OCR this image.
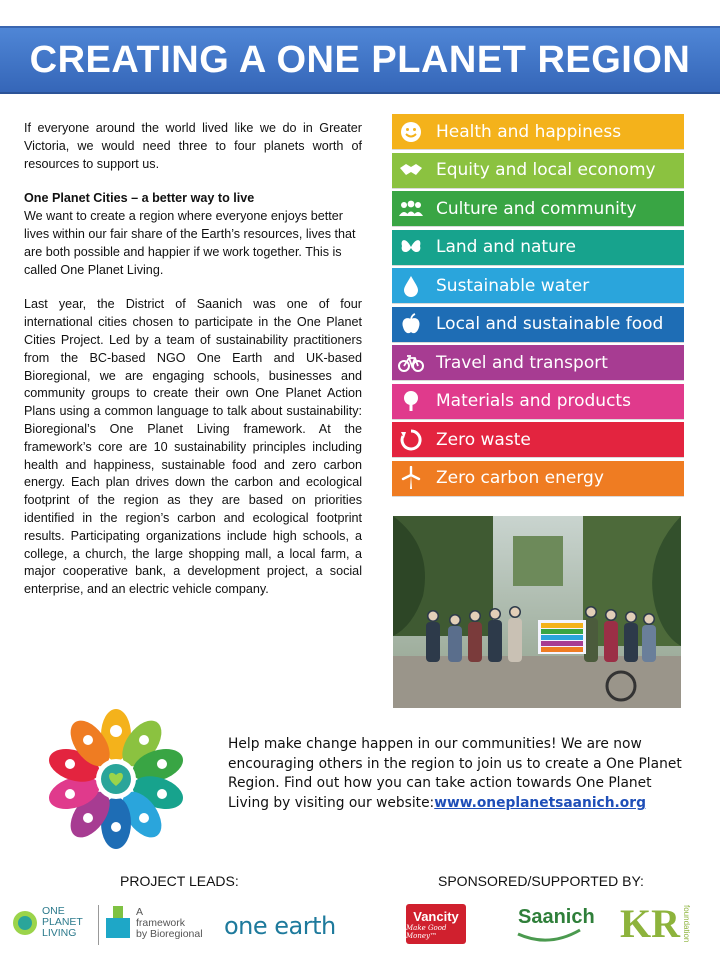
CREATING A ONE PLANET REGION

If everyone around the world lived like we do in Greater Victoria, we would need three to four planets worth of resources to support us.

One Planet Cities – a better way to live
We want to create a region where everyone enjoys better lives within our fair share of the Earth’s resources, lives that are both possible and happier if we work together. This is called One Planet Living.

Last year, the District of Saanich was one of four international cities chosen to participate in the One Planet Cities Project. Led by a team of sustainability practitioners from the BC-based NGO One Earth and UK-based Bioregional, we are engaging schools, businesses and community groups to create their own One Planet Action Plans using a common language to talk about sustainability: Bioregional’s One Planet Living framework. At the framework’s core are 10 sustainability principles including health and happiness, sustainable food and zero carbon energy. Each plan drives down the carbon and ecological footprint of the region as they are based on priorities identified in the region’s carbon and ecological footprint results. Participating organizations include high schools, a college, a church, the large shopping mall, a local farm, a major cooperative bank, a development project, a social enterprise, and an electric vehicle company.

Health and happiness
Equity and local economy
Culture and community
Land and nature
Sustainable water
Local and sustainable food
Travel and transport
Materials and products
Zero waste
Zero carbon energy
Help make change happen in our communities! We are now encouraging others in the region to join us to create a One Planet Region. Find out how you can take action towards One Planet Living by visiting our website:www.oneplanetsaanich.org
PROJECT LEADS:	SPONSORED/SUPPORTED BY:
ONE
PLANET
LIVING
A
framework
by Bioregional one earth	Vancity
Make Good Money™
Saanich KR foundation
